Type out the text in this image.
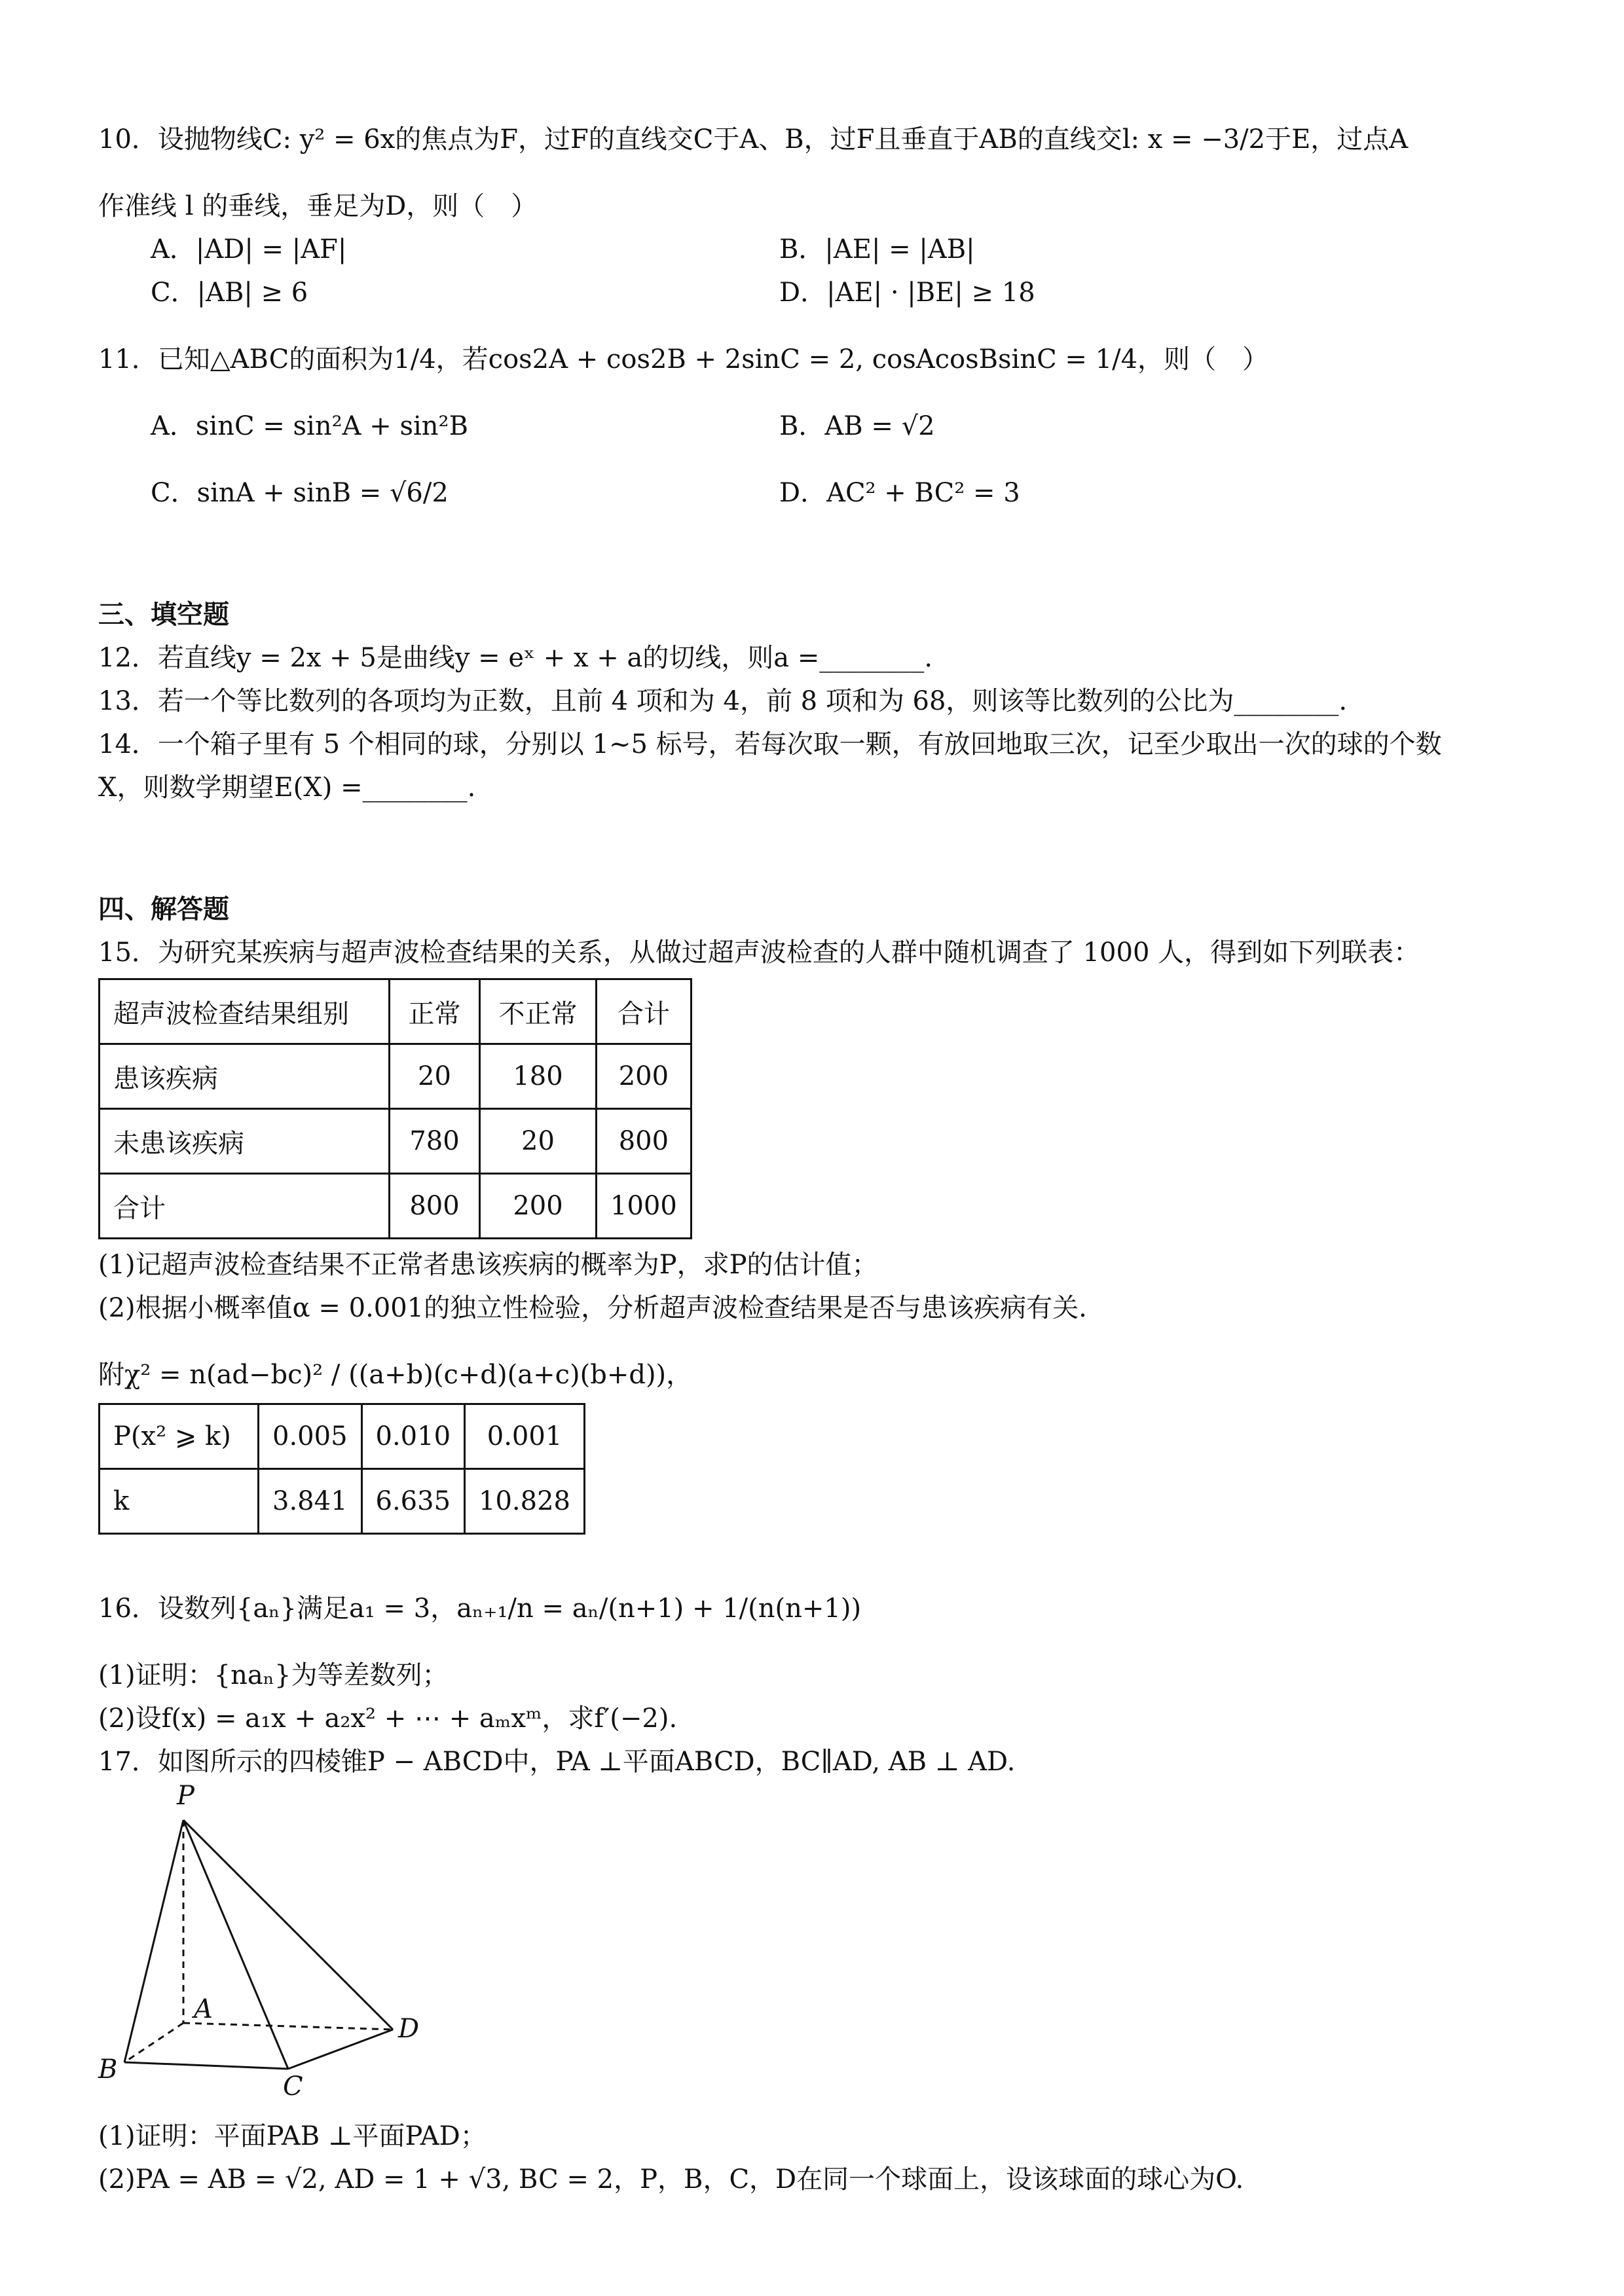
10．设抛物线C: y² = 6x的焦点为F，过F的直线交C于A、B，过F且垂直于AB的直线交l: x = −3/2于E，过点A
作准线 l 的垂线，垂足为D，则（　）
A．|AD| = |AF|	B．|AE| = |AB|
C．|AB| ≥ 6	D．|AE| · |BE| ≥ 18
11．已知△ABC的面积为1/4，若cos2A + cos2B + 2sinC = 2, cosAcosBsinC = 1/4，则（　）
A．sinC = sin²A + sin²B	B．AB = √2
C．sinA + sinB = √6/2	D．AC² + BC² = 3
三、填空题
12．若直线y = 2x + 5是曲线y = eˣ + x + a的切线，则a =________.
13．若一个等比数列的各项均为正数，且前 4 项和为 4，前 8 项和为 68，则该等比数列的公比为________.
14．一个箱子里有 5 个相同的球，分别以 1~5 标号，若每次取一颗，有放回地取三次，记至少取出一次的球的个数
X，则数学期望E(X) =________.
四、解答题
15．为研究某疾病与超声波检查结果的关系，从做过超声波检查的人群中随机调查了 1000 人，得到如下列联表：
超声波检查结果组别	正常	不正常	合计
患该疾病	20	180	200
未患该疾病	780	20	800
合计	800	200	1000
(1)记超声波检查结果不正常者患该疾病的概率为P，求P的估计值；
(2)根据小概率值α = 0.001的独立性检验，分析超声波检查结果是否与患该疾病有关.
附χ² = n(ad−bc)² / ((a+b)(c+d)(a+c)(b+d))，
P(x² ⩾ k)	0.005	0.010	0.001
k	3.841	6.635	10.828
16．设数列{aₙ}满足a₁ = 3，aₙ₊₁/n = aₙ/(n+1) + 1/(n(n+1))
(1)证明：{naₙ}为等差数列；
(2)设f(x) = a₁x + a₂x² + ⋯ + aₘxᵐ，求f′(−2).
17．如图所示的四棱锥P − ABCD中，PA ⊥平面ABCD，BC∥AD, AB ⊥ AD.
P
A
B
C
D
(1)证明：平面PAB ⊥平面PAD；
(2)PA = AB = √2, AD = 1 + √3, BC = 2，P，B，C，D在同一个球面上，设该球面的球心为O.
